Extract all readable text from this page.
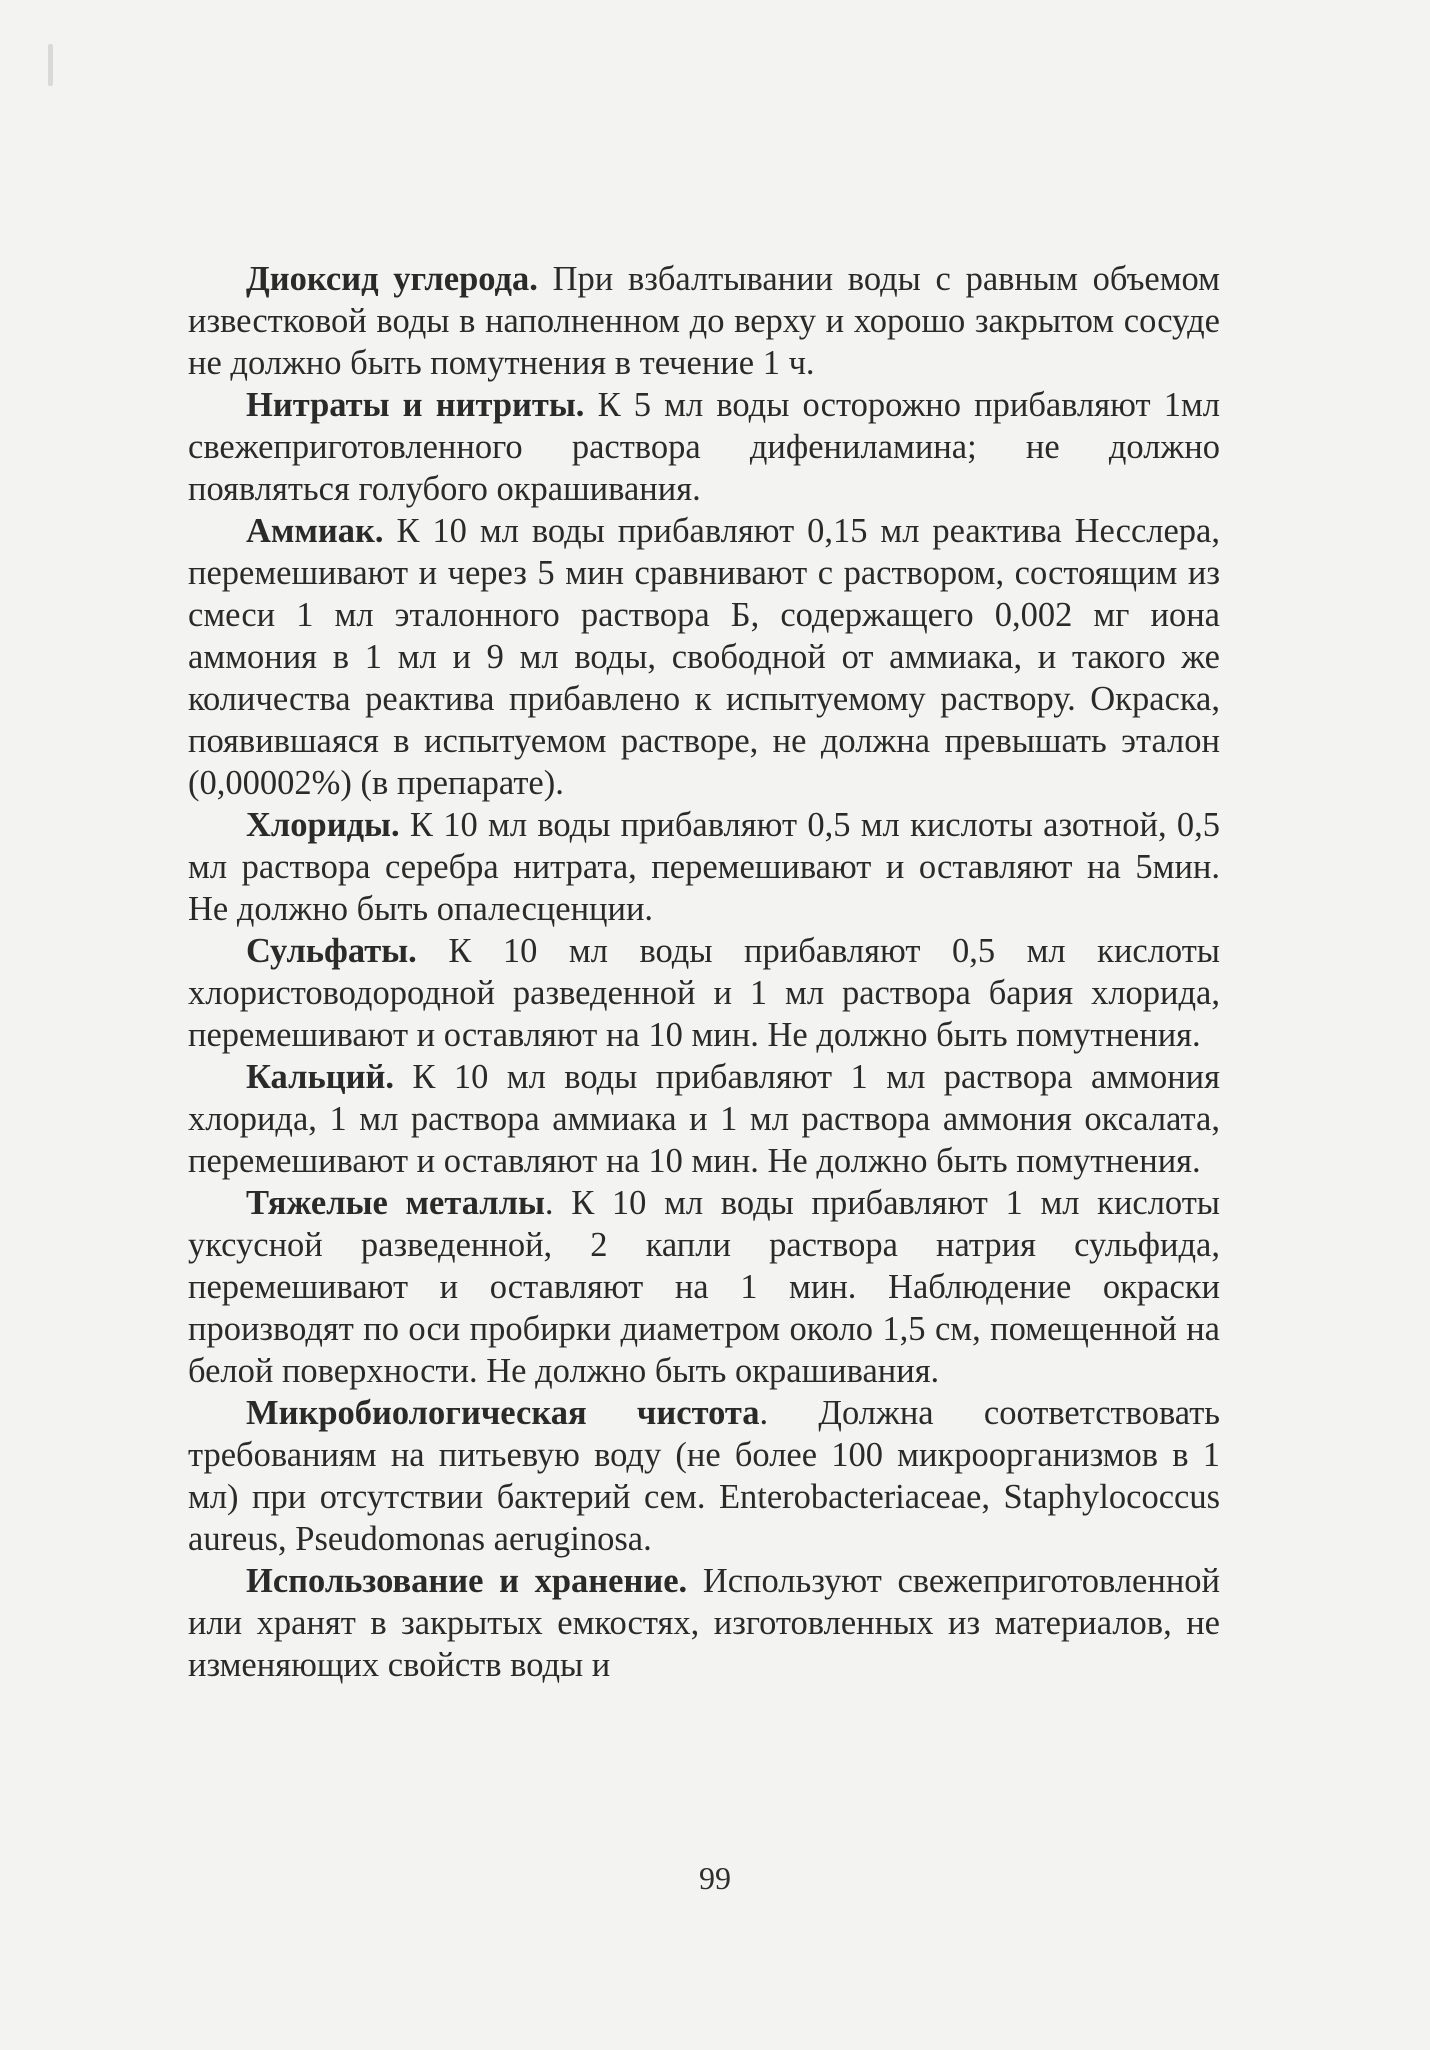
Диоксид углерода. При взбалтывании воды с равным объемом известковой воды в наполненном до верху и хорошо закрытом сосуде не должно быть помутнения в течение 1 ч.

Нитраты и нитриты. К 5 мл воды осторожно прибавляют 1мл свежеприготовленного раствора дифениламина; не должно появляться голубого окрашивания.

Аммиак. К 10 мл воды прибавляют 0,15 мл реактива Несслера, перемешивают и через 5 мин сравнивают с раствором, состоящим из смеси 1 мл эталонного раствора Б, содержащего 0,002 мг иона аммония в 1 мл и 9 мл воды, свободной от аммиака, и такого же количества реактива прибавлено к испытуемому раствору. Окраска, появившаяся в испытуемом растворе, не должна превышать эталон (0,00002%) (в препарате).

Хлориды. К 10 мл воды прибавляют 0,5 мл кислоты азотной, 0,5 мл раствора серебра нитрата, перемешивают и оставляют на 5мин. Не должно быть опалесценции.

Сульфаты. К 10 мл воды прибавляют 0,5 мл кислоты хлористоводородной разведенной и 1 мл раствора бария хлорида, перемешивают и оставляют на 10 мин. Не должно быть помутнения.

Кальций. К 10 мл воды прибавляют 1 мл раствора аммония хлорида, 1 мл раствора аммиака и 1 мл раствора аммония оксалата, перемешивают и оставляют на 10 мин. Не должно быть помутнения.

Тяжелые металлы. К 10 мл воды прибавляют 1 мл кислоты уксусной разведенной, 2 капли раствора натрия сульфида, перемешивают и оставляют на 1 мин. Наблюдение окраски производят по оси пробирки диаметром около 1,5 см, помещенной на белой поверхности. Не должно быть окрашивания.

Микробиологическая чистота. Должна соответствовать требованиям на питьевую воду (не более 100 микроорганизмов в 1 мл) при отсутствии бактерий сем. Enterobacteriaceae, Staphylococcus aureus, Pseudomonas aeruginosa.

Использование и хранение. Используют свежеприготовленной или хранят в закрытых емкостях, изготовленных из материалов, не изменяющих свойств воды и

99
